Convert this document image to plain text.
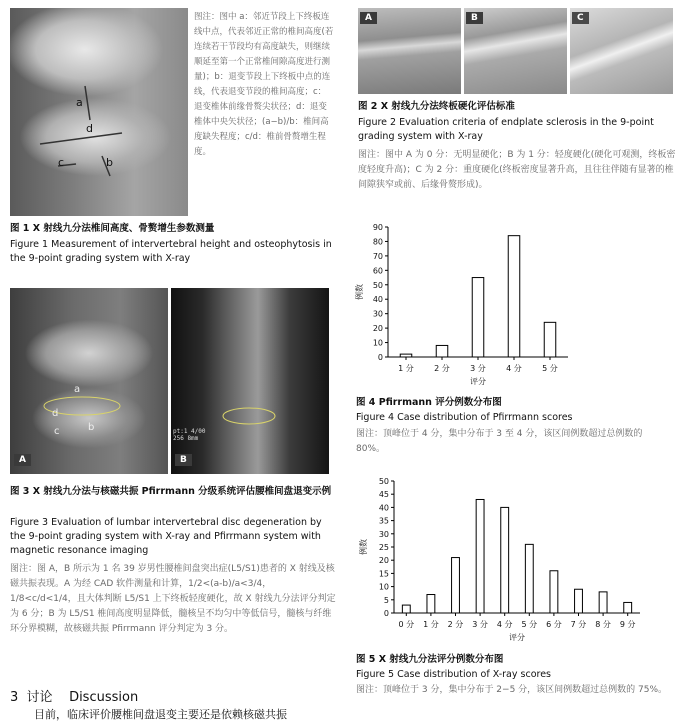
a
d
c	b
图注：图中 a：邻近节段上下终板连线中点，代表邻近正常的椎间高度(若连续若干节段均有高度缺失，则继续顺延至第一个正常椎间隙高度进行测量)；b：退变节段上下终板中点的连线，代表退变节段的椎间高度；c：退变椎体前缘骨赘尖状径；d：退变椎体中央矢状径；(a−b)/b：椎间高度缺失程度；c/d：椎前骨赘增生程度。
图 1 X 射线九分法椎间高度、骨赘增生参数测量
Figure 1 Measurement of intervertebral height and osteophytosis in the 9-point grading system with X-ray
A	B	C
图 2 X 射线九分法终板硬化评估标准
Figure 2 Evaluation criteria of endplate sclerosis in the 9-point grading system with X-ray
图注：图中 A 为 0 分：无明显硬化；B 为 1 分：轻度硬化(硬化可观测，终板密度轻度升高)；C 为 2 分：重度硬化(终板密度显著升高，且往往伴随有显著的椎间隙狭窄或前、后缘骨赘形成)。
a
d
c	b
A
pt:1 4/00 256 8mm
B
图 3 X 射线九分法与核磁共振 Pfirrmann 分级系统评估腰椎间盘退变示例
Figure 3 Evaluation of lumbar intervertebral disc degeneration by the 9-point grading system with X-ray and Pfirrmann system with magnetic resonance imaging
图注：图 A，B 所示为 1 名 39 岁男性腰椎间盘突出症(L5/S1)患者的 X 射线及核磁共振表现。A 为经 CAD 软件测量和计算，1/2<(a-b)/a<3/4，1/8<c/d<1/4，且大体判断 L5/S1 上下终板轻度硬化，故 X 射线九分法评分判定为 6 分；B 为 L5/S1 椎间高度明显降低，髓核呈不均匀中等低信号，髓核与纤维环分界模糊，故核磁共振 Pfirrmann 评分判定为 3 分。
0
10
20
30
40
50
60
70
80
90
1 分	2 分	3 分	4 分	5 分
评分
例数
图 4 Pfirrmann 评分例数分布图
Figure 4 Case distribution of Pfirrmann scores
图注：顶峰位于 4 分，集中分布于 3 至 4 分，该区间例数超过总例数的 80%。
0
5
10
15
20
25
30
35
40
45
50
0 分 1 分 2 分 3 分 4 分 5 分 6 分 7 分 8 分 9 分
评分
例数
图 5 X 射线九分法评分例数分布图
Figure 5 Case distribution of X-ray scores
图注：顶峰位于 3 分，集中分布于 2−5 分，该区间例数超过总例数的 75%。
3  讨论    Discussion
目前，临床评价腰椎间盘退变主要还是依赖核磁共振
